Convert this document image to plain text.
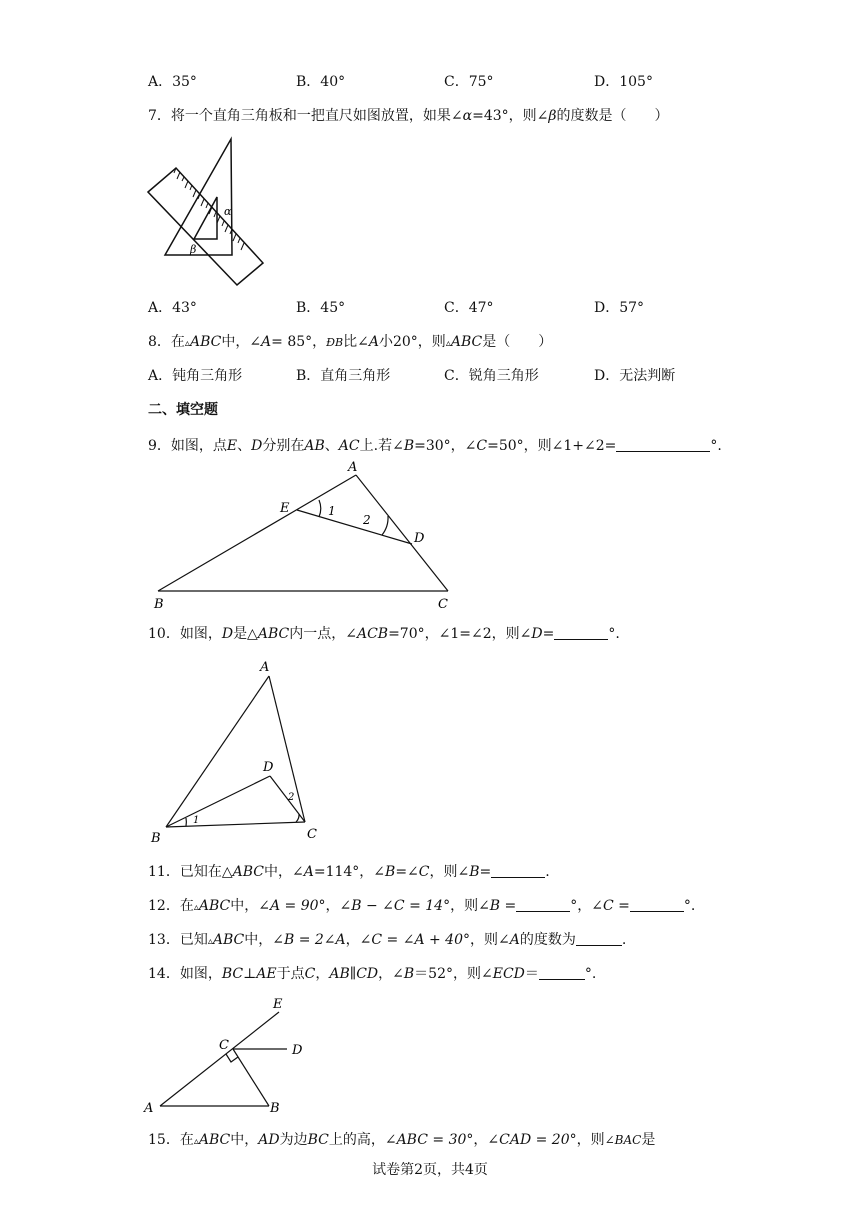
A．35°	B．40°	C．75°	D．105°
7．将一个直角三角板和一把直尺如图放置，如果∠α=43°，则∠β的度数是（　　）
α
β
A．43°	B．45°	C．47°	D．57°
8．在▵ABC中，∠A= 85°，ÐB比∠A小20°，则▵ABC是（　　）
A．钝角三角形	B．直角三角形	C．锐角三角形	D．无法判断
二、填空题
9．如图，点E、D分别在AB、AC上.若∠B=30°，∠C=50°，则∠1+∠2=	°.
A
E
D
B	C
1
2
10．如图，D是△ABC内一点，∠ACB=70°，∠1=∠2，则∠D=	°.
A
D
B	C
1
2
11．已知在△ABC中，∠A=114°，∠B=∠C，则∠B=	.
12．在▵ABC中，∠A = 90°，∠B − ∠C = 14°，则∠B =	°，∠C =	°.
13．已知▵ABC中，∠B = 2∠A，∠C = ∠A + 40°，则∠A的度数为	.
14．如图，BC⊥AE于点C，AB∥CD，∠B＝52°，则∠ECD＝	°.
E
C	D
A	B
15．在▵ABC中，AD为边BC上的高，∠ABC = 30°，∠CAD = 20°，则∠BAC是
试卷第2页，共4页
